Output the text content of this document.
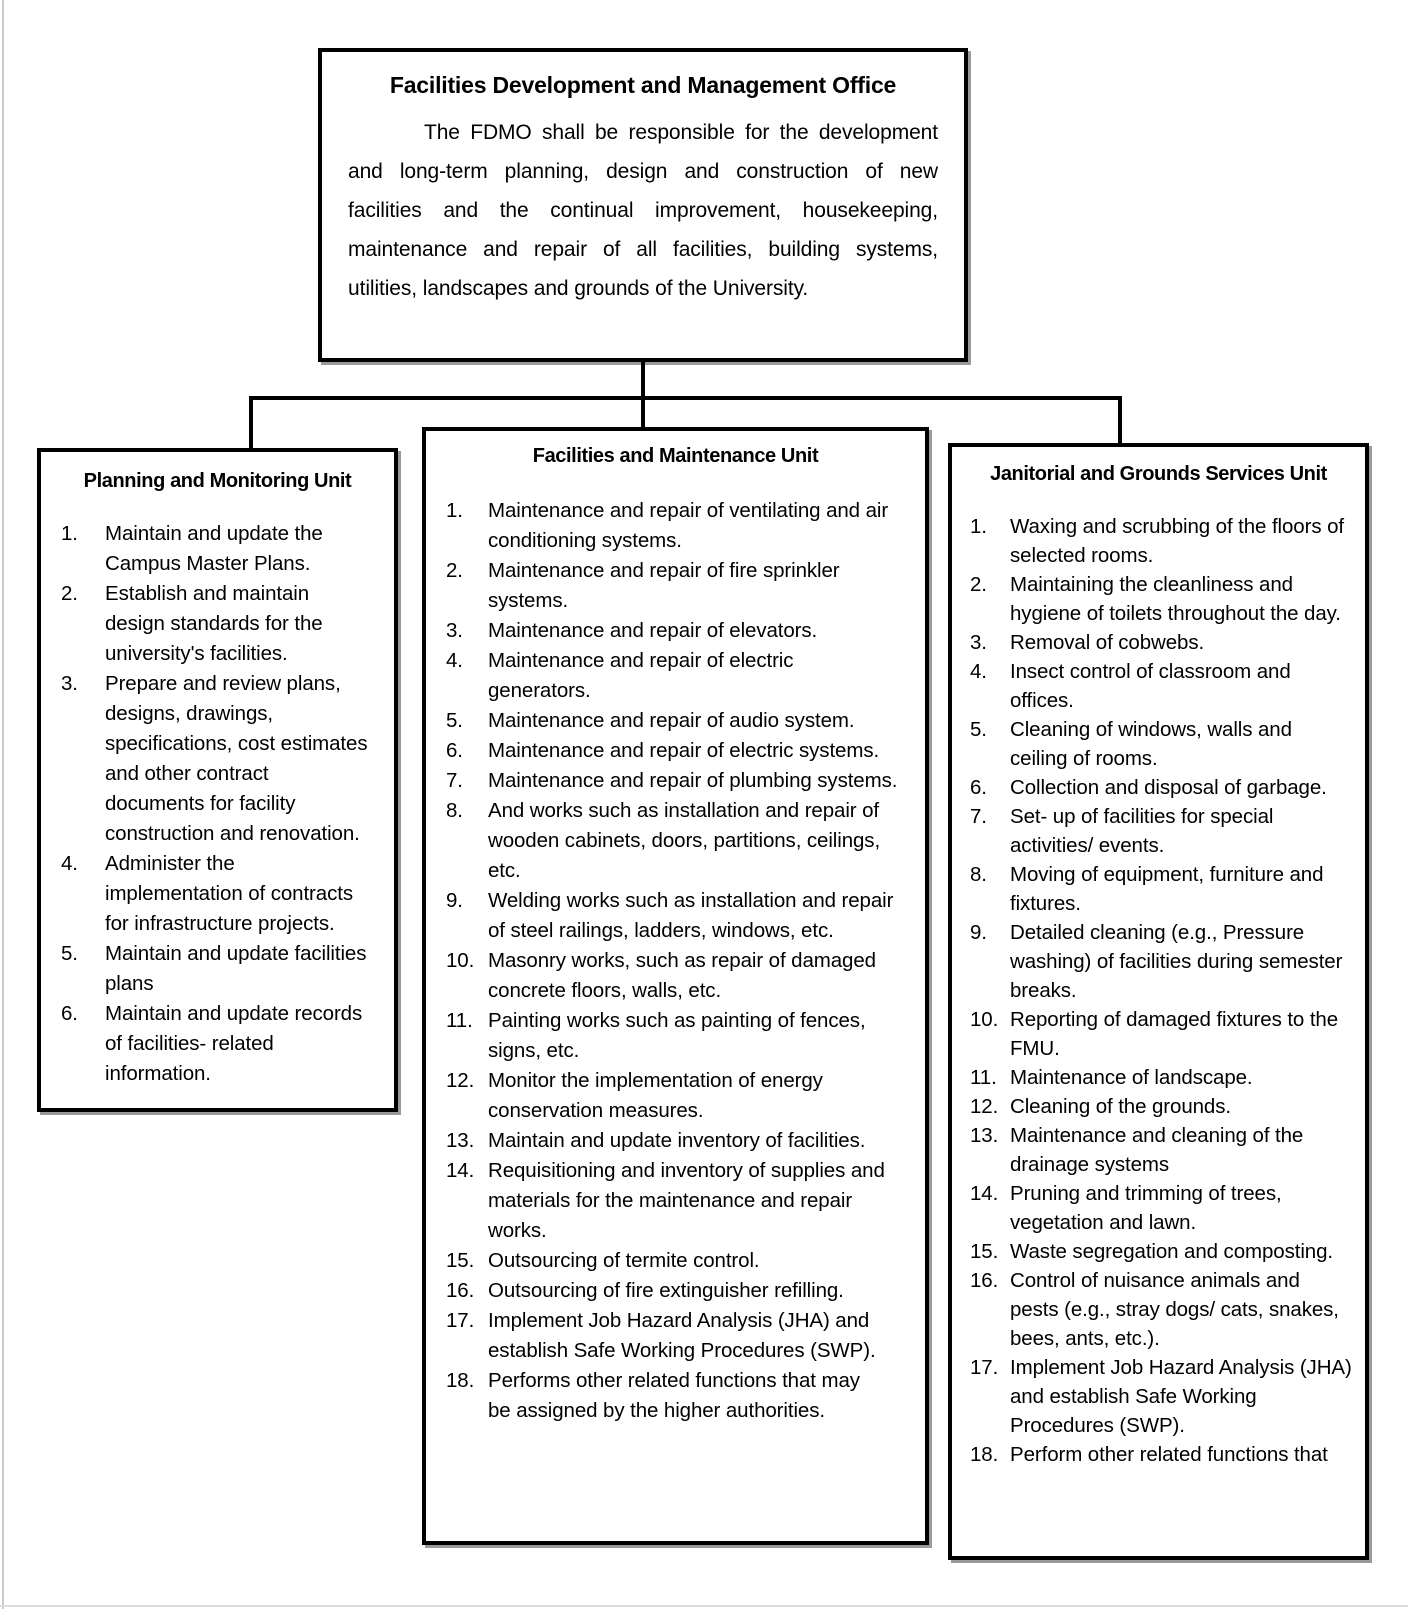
Facilities Development and Management Office

The FDMO shall be responsible for the development and long-term planning, design and construction of new facilities and the continual improvement, housekeeping, maintenance and repair of all facilities, building systems, utilities, landscapes and grounds of the University.

Planning and Monitoring Unit
1.	Maintain and update the Campus Master Plans.
2.	Establish and maintain design standards for the university's facilities.
3.	Prepare and review plans, designs, drawings, specifications, cost estimates and other contract documents for facility construction and renovation.
4.	Administer the implementation of contracts for infrastructure projects.
5.	Maintain and update facilities plans
6.	Maintain and update records of facilities- related information.
Facilities and Maintenance Unit
1.	Maintenance and repair of ventilating and air conditioning systems.
2.	Maintenance and repair of fire sprinkler systems.
3.	Maintenance and repair of elevators.
4.	Maintenance and repair of electric generators.
5.	Maintenance and repair of audio system.
6.	Maintenance and repair of electric systems.
7.	Maintenance and repair of plumbing systems.
8.	And works such as installation and repair of wooden cabinets, doors, partitions, ceilings, etc.
9.	Welding works such as installation and repair of steel railings, ladders, windows, etc.
10. Masonry works, such as repair of damaged concrete floors, walls, etc.
11. Painting works such as painting of fences, signs, etc.
12. Monitor the implementation of energy conservation measures.
13. Maintain and update inventory of facilities.
14. Requisitioning and inventory of supplies and materials for the maintenance and repair works.
15. Outsourcing of termite control.
16. Outsourcing of fire extinguisher refilling.
17. Implement Job Hazard Analysis (JHA) and establish Safe Working Procedures (SWP).
18. Performs other related functions that may
be assigned by the higher authorities.
Janitorial and Grounds Services Unit
1.	Waxing and scrubbing of the floors of selected rooms.
2.	Maintaining the cleanliness and hygiene of toilets throughout the day.
3.	Removal of cobwebs.
4.	Insect control of classroom and offices.
5.	Cleaning of windows, walls and ceiling of rooms.
6.	Collection and disposal of garbage.
7.	Set- up of facilities for special activities/ events.
8.	Moving of equipment, furniture and fixtures.
9.	Detailed cleaning (e.g., Pressure washing) of facilities during semester breaks.
10. Reporting of damaged fixtures to the FMU.
11. Maintenance of landscape.
12. Cleaning of the grounds.
13. Maintenance and cleaning of the drainage systems
14. Pruning and trimming of trees, vegetation and lawn.
15. Waste segregation and composting.
16. Control of nuisance animals and pests (e.g., stray dogs/ cats, snakes, bees, ants, etc.).
17. Implement Job Hazard Analysis (JHA) and establish Safe Working Procedures (SWP).
18. Perform other related functions that
